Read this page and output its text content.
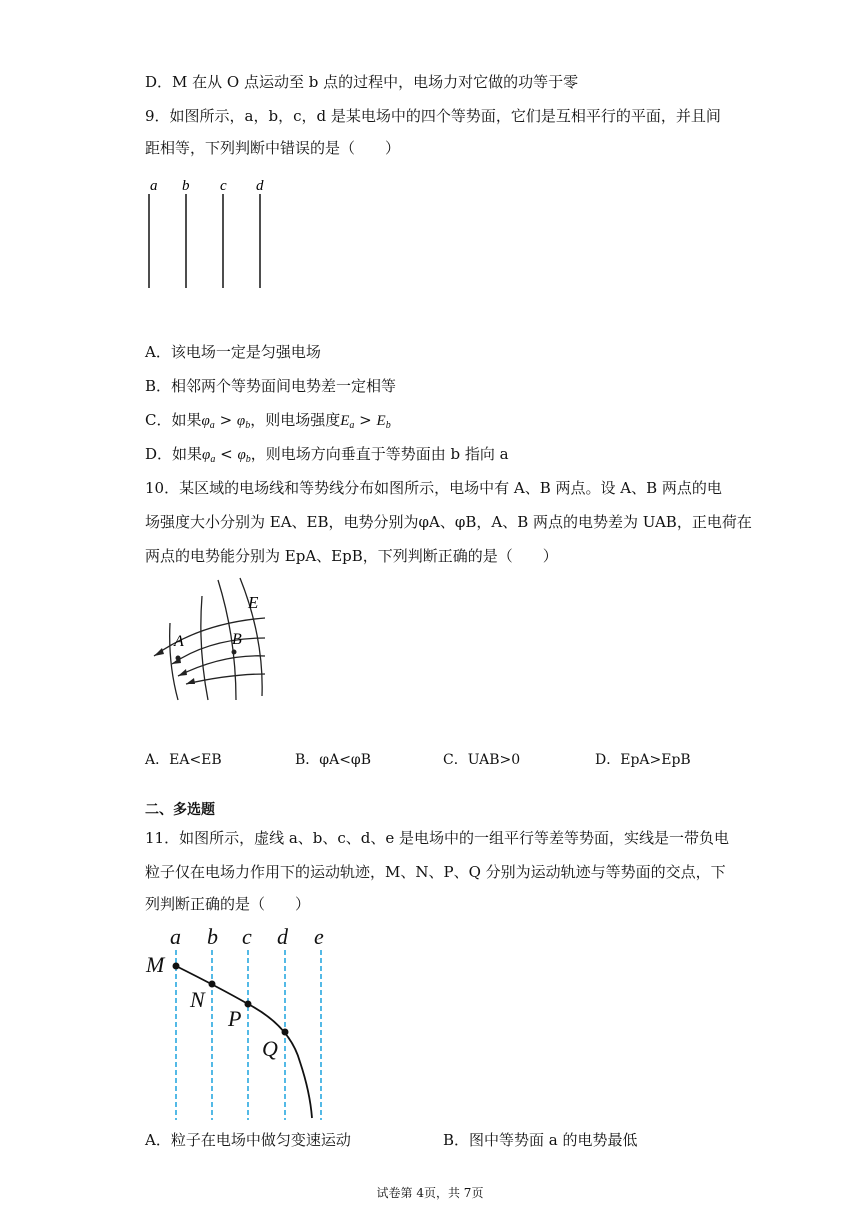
D．M 在从 O 点运动至 b 点的过程中，电场力对它做的功等于零
9．如图所示，a，b，c，d 是某电场中的四个等势面，它们是互相平行的平面，并且间
距相等，下列判断中错误的是（　　）
a b c d
A．该电场一定是匀强电场
B．相邻两个等势面间电势差一定相等
C．如果$\varphi_a > \varphi_b$，则电场强度$E_a > E_b$
D．如果$\varphi_a < \varphi_b$，则电场方向垂直于等势面由 b 指向 a
10．某区域的电场线和等势线分布如图所示，电场中有 A、B 两点。设 A、B 两点的电
场强度大小分别为 EA、EB，电势分别为φA、φB，A、B 两点的电势差为 UAB，正电荷在
两点的电势能分别为 EpA、EpB，下列判断正确的是（　　）
E
A	B
A．EA<EB	B．φA<φB	C．UAB>0	D．EpA>EpB
二、多选题
11．如图所示，虚线 a、b、c、d、e 是电场中的一组平行等差等势面，实线是一带负电
粒子仅在电场力作用下的运动轨迹，M、N、P、Q 分别为运动轨迹与等势面的交点，下
列判断正确的是（　　）
a b c d e
M
N
P
Q
A．粒子在电场中做匀变速运动	B．图中等势面 a 的电势最低
试卷第 4页，共 7页
